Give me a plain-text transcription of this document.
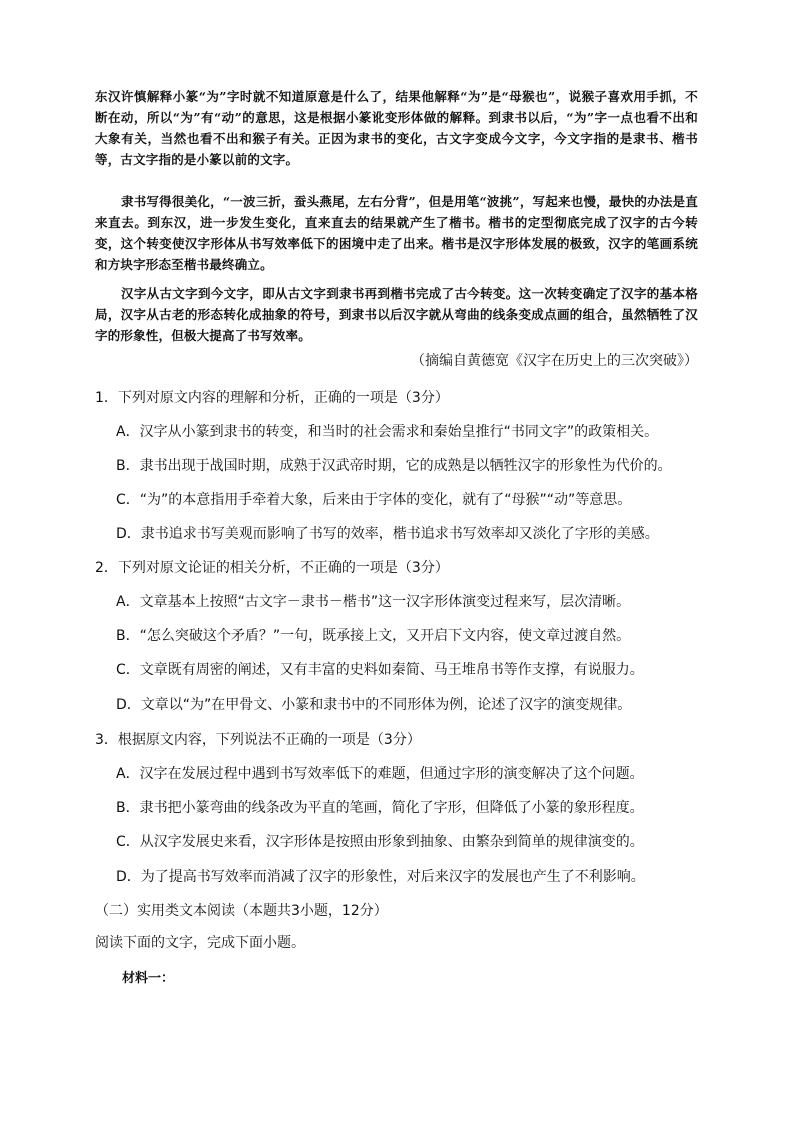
东汉许慎解释小篆“为”字时就不知道原意是什么了，结果他解释“为”是“母猴也”，说猴子喜欢用手抓，不断在动，所以“为”有“动”的意思，这是根据小篆讹变形体做的解释。到隶书以后，“为”字一点也看不出和大象有关，当然也看不出和猴子有关。正因为隶书的变化，古文字变成今文字，今文字指的是隶书、楷书等，古文字指的是小篆以前的文字。
隶书写得很美化，“一波三折，蚕头燕尾，左右分背”，但是用笔“波挑”，写起来也慢，最快的办法是直来直去。到东汉，进一步发生变化，直来直去的结果就产生了楷书。楷书的定型彻底完成了汉字的古今转变，这个转变使汉字形体从书写效率低下的困境中走了出来。楷书是汉字形体发展的极致，汉字的笔画系统和方块字形态至楷书最终确立。
汉字从古文字到今文字，即从古文字到隶书再到楷书完成了古今转变。这一次转变确定了汉字的基本格局，汉字从古老的形态转化成抽象的符号，到隶书以后汉字就从弯曲的线条变成点画的组合，虽然牺牲了汉字的形象性，但极大提高了书写效率。
（摘编自黄德宽《汉字在历史上的三次突破》）
1．下列对原文内容的理解和分析，正确的一项是（3分）
A．汉字从小篆到隶书的转变，和当时的社会需求和秦始皇推行“书同文字”的政策相关。
B．隶书出现于战国时期，成熟于汉武帝时期，它的成熟是以牺牲汉字的形象性为代价的。
C．“为”的本意指用手牵着大象，后来由于字体的变化，就有了“母猴”“动”等意思。
D．隶书追求书写美观而影响了书写的效率，楷书追求书写效率却又淡化了字形的美感。
2．下列对原文论证的相关分析，不正确的一项是（3分）
A．文章基本上按照“古文字－隶书－楷书”这一汉字形体演变过程来写，层次清晰。
B．“怎么突破这个矛盾？”一句，既承接上文，又开启下文内容，使文章过渡自然。
C．文章既有周密的阐述，又有丰富的史料如秦简、马王堆帛书等作支撑，有说服力。
D．文章以“为”在甲骨文、小篆和隶书中的不同形体为例，论述了汉字的演变规律。
3．根据原文内容，下列说法不正确的一项是（3分）
A．汉字在发展过程中遇到书写效率低下的难题，但通过字形的演变解决了这个问题。
B．隶书把小篆弯曲的线条改为平直的笔画，简化了字形，但降低了小篆的象形程度。
C．从汉字发展史来看，汉字形体是按照由形象到抽象、由繁杂到简单的规律演变的。
D．为了提高书写效率而消减了汉字的形象性，对后来汉字的发展也产生了不利影响。
（二）实用类文本阅读（本题共3小题，12分）
阅读下面的文字，完成下面小题。
材料一：
